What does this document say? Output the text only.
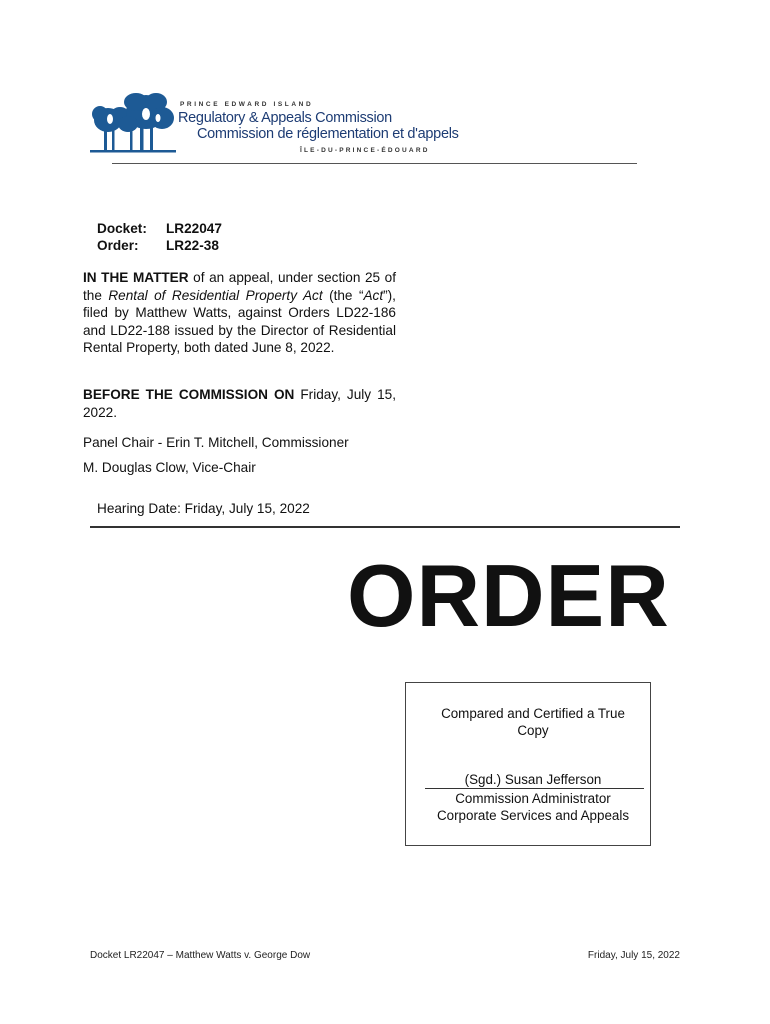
PRINCE EDWARD ISLAND
Regulatory & Appeals Commission
Commission de réglementation et d'appels
ÎLE-DU-PRINCE-ÉDOUARD
Docket: LR22047
Order: LR22-38
IN THE MATTER of an appeal, under section 25 of the Rental of Residential Property Act (the “Act”), filed by Matthew Watts, against Orders LD22-186 and LD22-188 issued by the Director of Residential Rental Property, both dated June 8, 2022.
BEFORE THE COMMISSION ON Friday, July 15, 2022.
Panel Chair - Erin T. Mitchell, Commissioner
M. Douglas Clow, Vice-Chair
Hearing Date: Friday, July 15, 2022
ORDER
Compared and Certified a True
Copy
(Sgd.) Susan Jefferson
Commission Administrator
Corporate Services and Appeals
Docket LR22047 – Matthew Watts v. George Dow	Friday, July 15, 2022
